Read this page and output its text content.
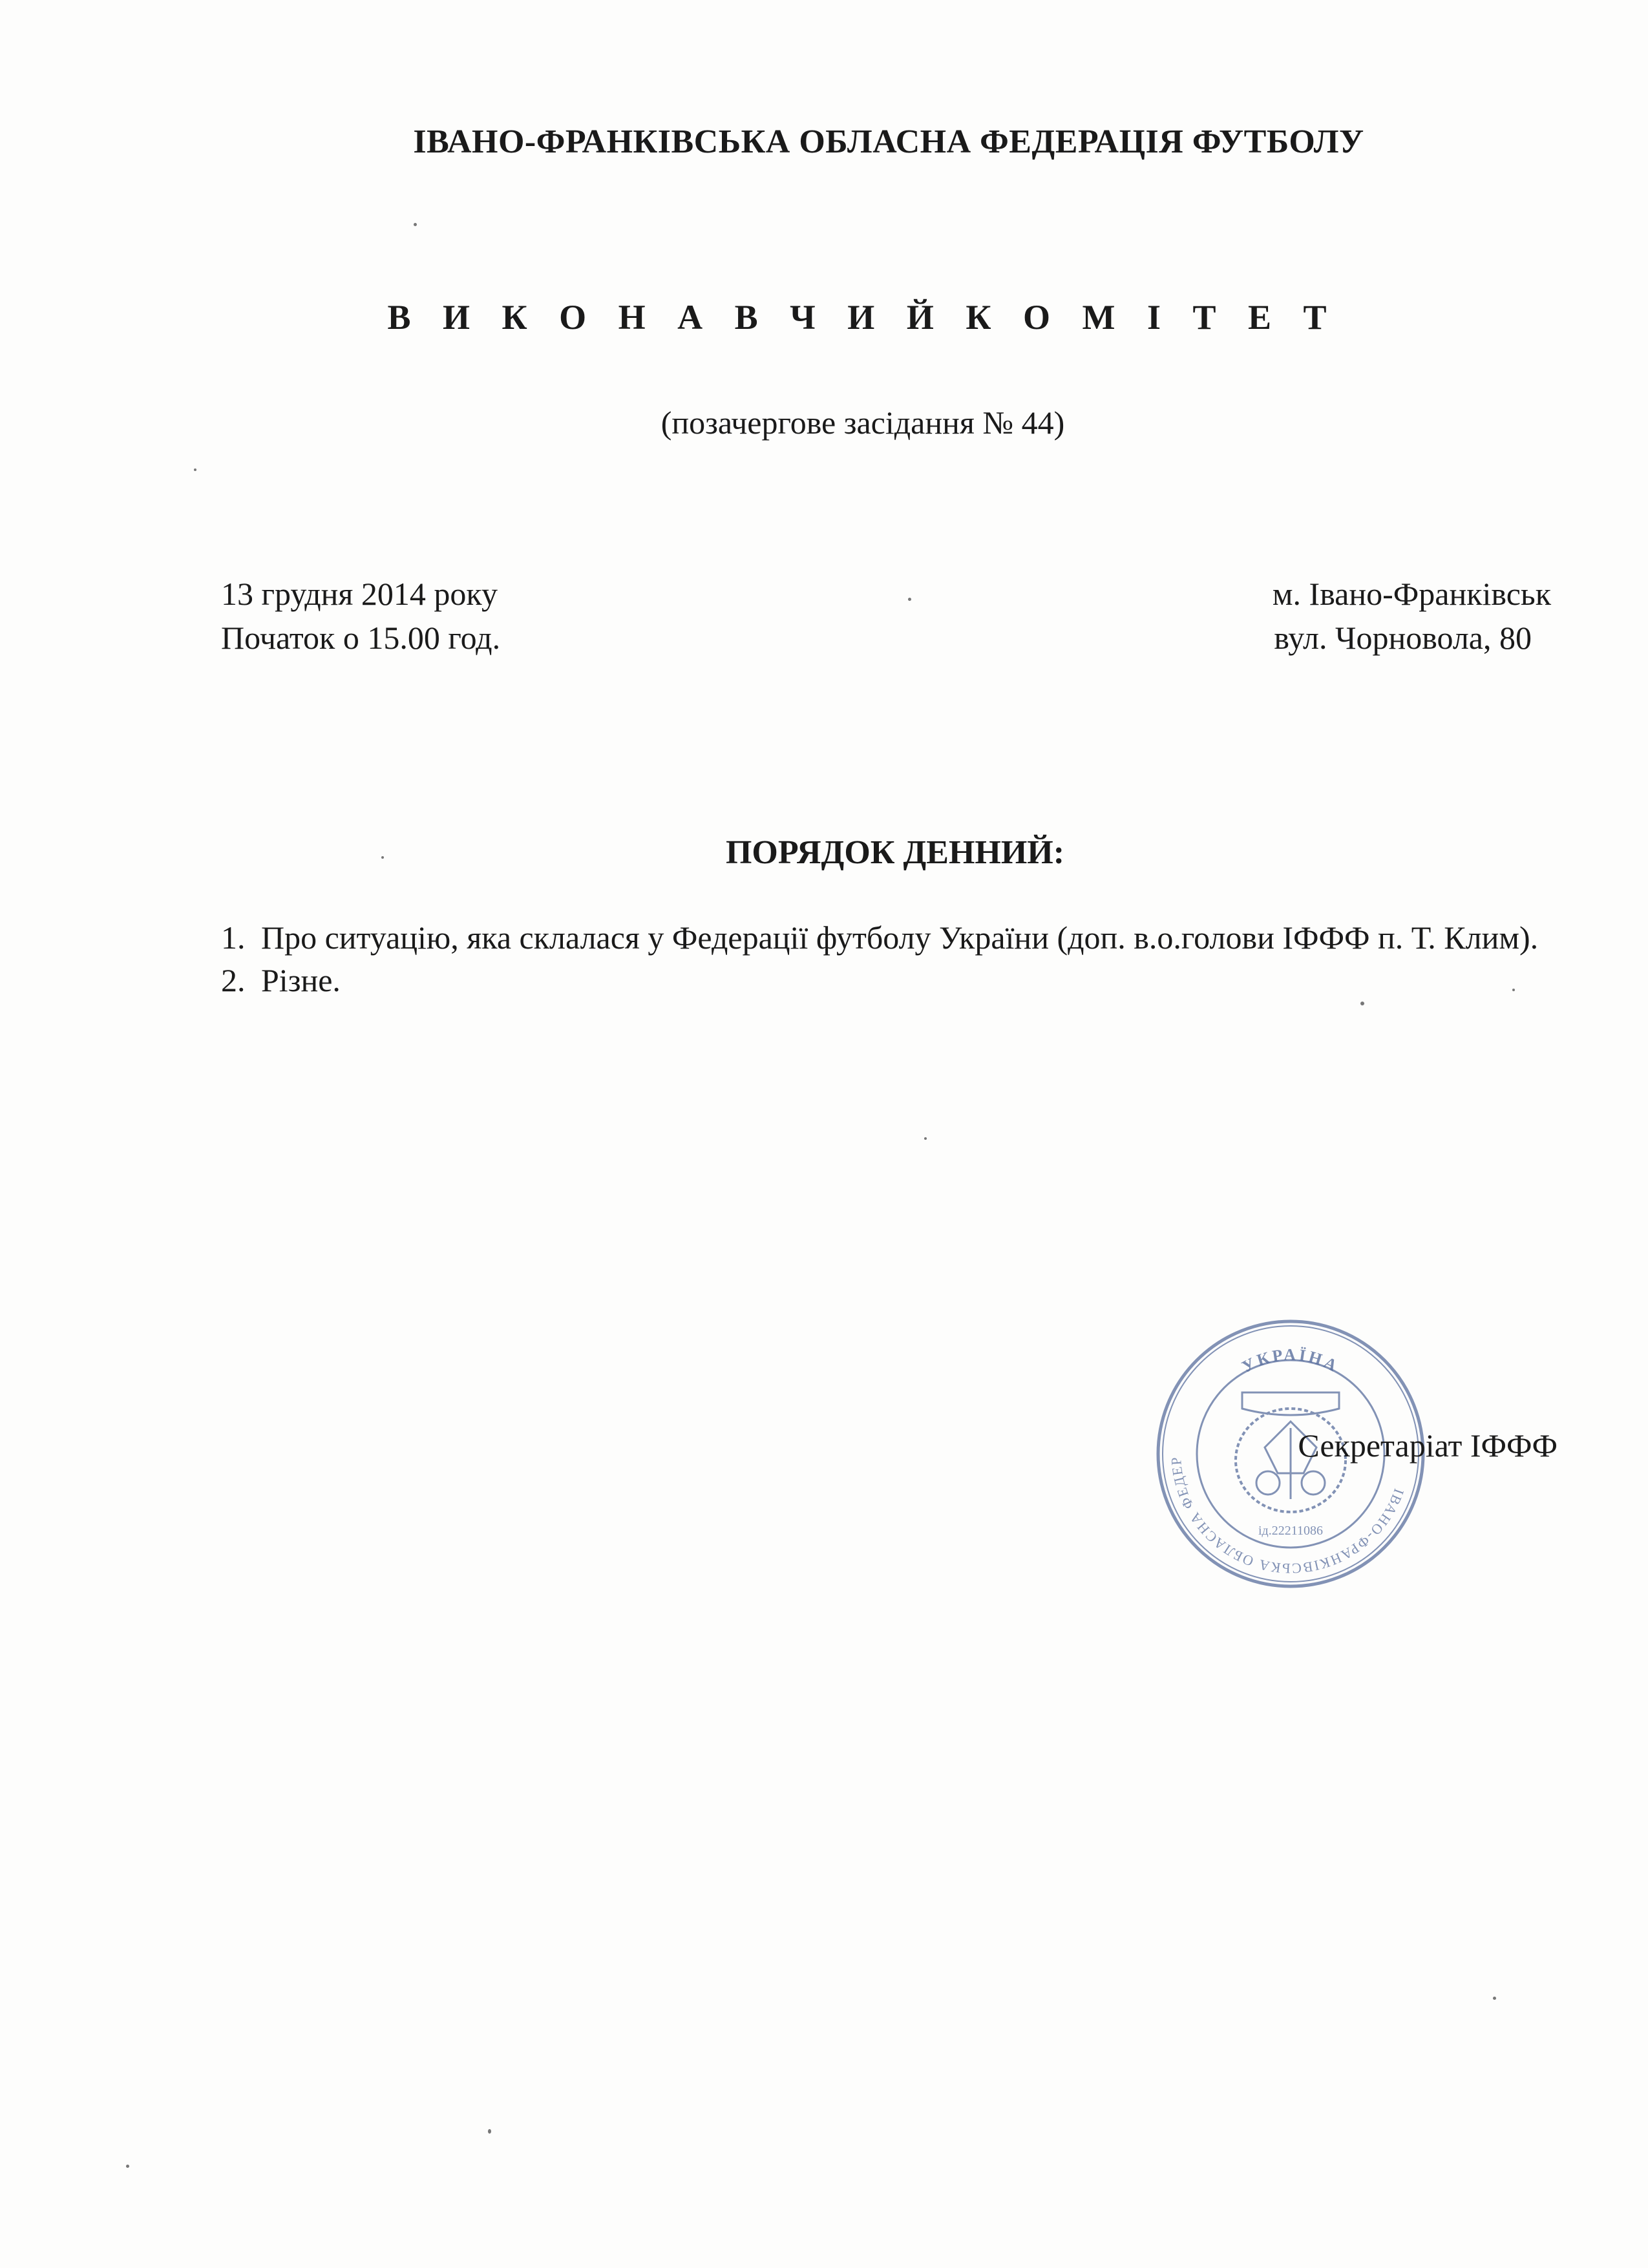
ІВАНО-ФРАНКІВСЬКА ОБЛАСНА ФЕДЕРАЦІЯ ФУТБОЛУ
В И К О Н А В Ч И Й К О М І Т Е Т
(позачергове засідання № 44)
13 грудня 2014 року
Початок о 15.00 год.
м. Івано-Франківськ
вул. Чорновола, 80
ПОРЯДОК ДЕННИЙ:
1. Про ситуацію, яка склалася у Федерації футболу України (доп. в.о.голови ІФФФ п. Т. Клим).
2. Різне.
УКРАЇНА
ІВАНО-ФРАНКІВСЬКА ОБЛАСНА ФЕДЕР
ід.22211086
Секретаріат ІФФФ
